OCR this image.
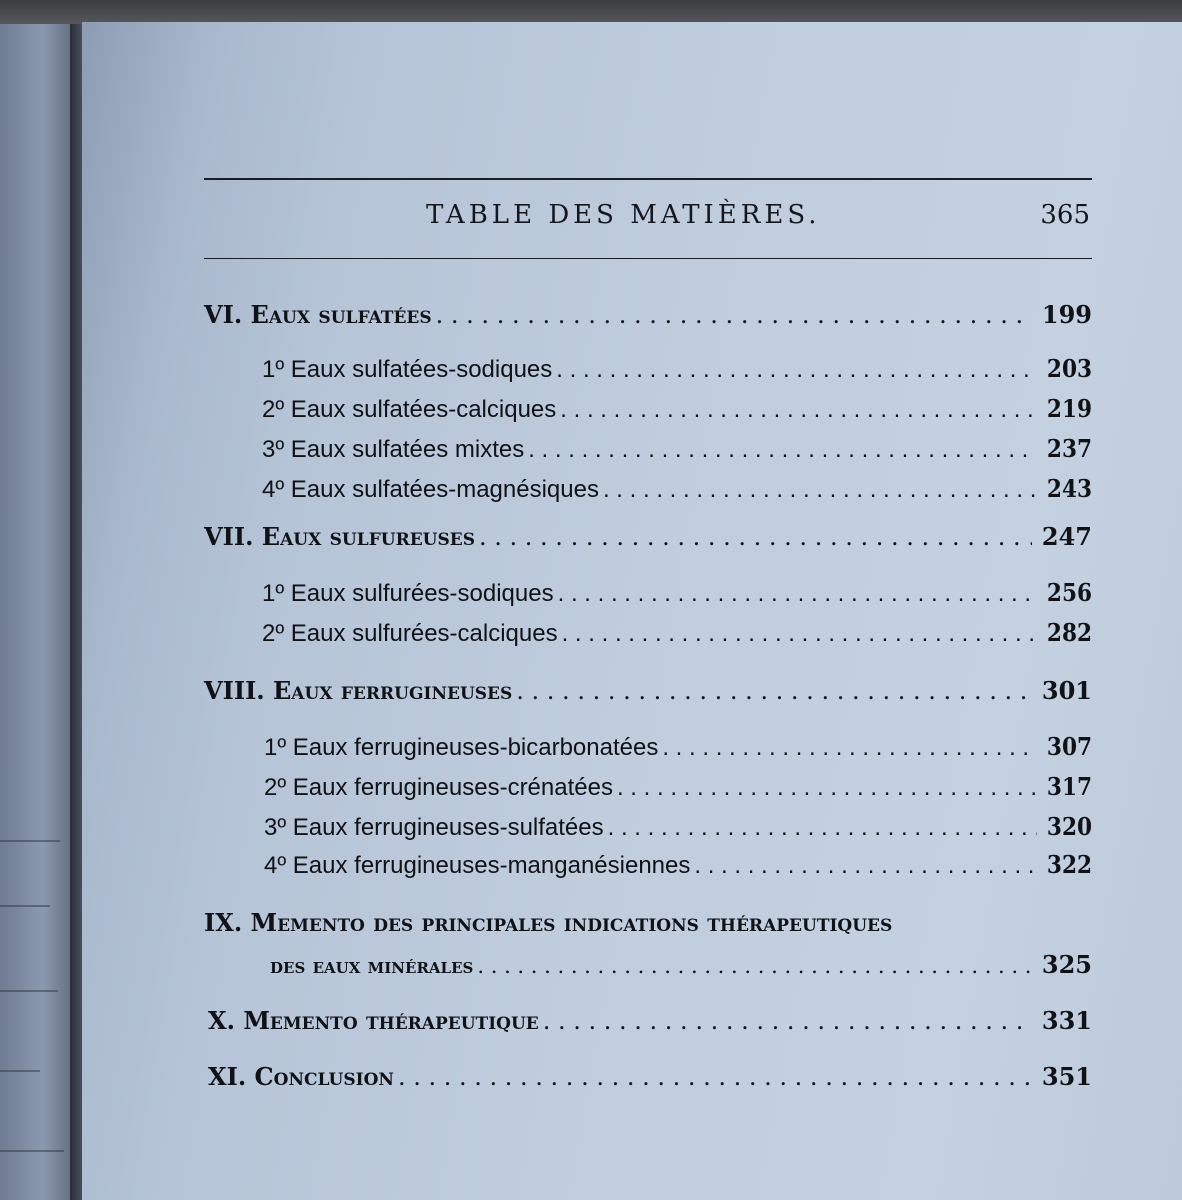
TABLE DES MATIÈRES.	365
VI. Eaux sulfatées . . .	199
1º Eaux sulfatées-sodiques . . .	203
2º Eaux sulfatées-calciques . . .	219
3º Eaux sulfatées mixtes . . .	237
4º Eaux sulfatées-magnésiques . . .	243
VII. Eaux sulfureuses . . .	247
1º Eaux sulfurées-sodiques . . .	256
2º Eaux sulfurées-calciques . . .	282
VIII. Eaux ferrugineuses . . .	301
1º Eaux ferrugineuses-bicarbonatées . . .	307
2º Eaux ferrugineuses-crénatées . . .	317
3º Eaux ferrugineuses-sulfatées . . .	320
4º Eaux ferrugineuses-manganésiennes . . .	322
IX. Memento des principales indications thérapeutiques
des eaux minérales . . .	325
X. Memento thérapeutique . . .	331
XI. Conclusion . . .	351
